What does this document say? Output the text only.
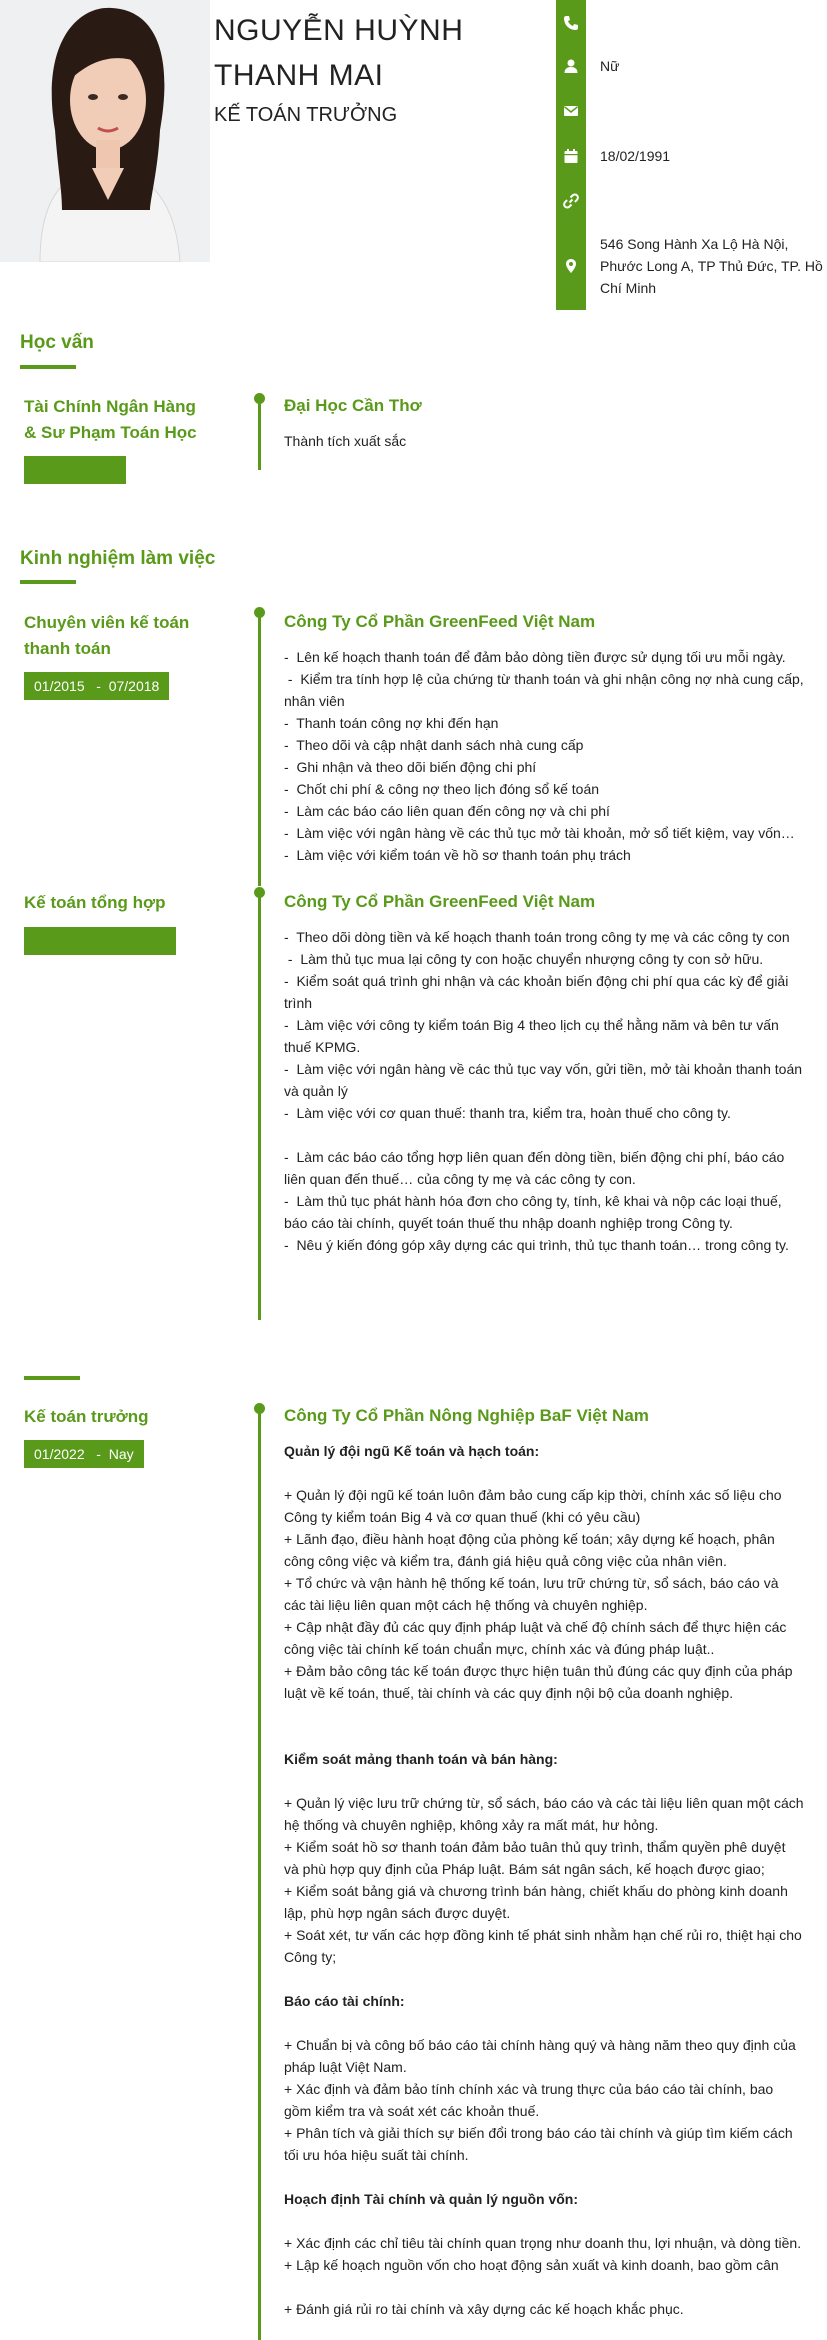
NGUYỄN HUỲNH
THANH MAI
KẾ TOÁN TRƯỞNG
Nữ
18/02/1991
546 Song Hành Xa Lộ Hà Nội, Phước Long A, TP Thủ Đức, TP. Hồ Chí Minh
Học vấn
Tài Chính Ngân Hàng
& Sư Phạm Toán Học
Đại Học Cần Thơ
Thành tích xuất sắc
Kinh nghiệm làm việc
Chuyên viên kế toán thanh toán
01/2015   -  07/2018
Công Ty Cổ Phần GreenFeed Việt Nam
-  Lên kế hoạch thanh toán để đảm bảo dòng tiền được sử dụng tối ưu mỗi ngày.
-  Kiểm tra tính hợp lệ của chứng từ thanh toán và ghi nhận công nợ nhà cung cấp, nhân viên
-  Thanh toán công nợ khi đến hạn
-  Theo dõi và cập nhật danh sách nhà cung cấp
-  Ghi nhận và theo dõi biến động chi phí
-  Chốt chi phí & công nợ theo lịch đóng sổ kế toán
-  Làm các báo cáo liên quan đến công nợ và chi phí
-  Làm việc với ngân hàng về các thủ tục mở tài khoản, mở sổ tiết kiệm, vay vốn…
-  Làm việc với kiểm toán về hồ sơ thanh toán phụ trách
Kế toán tổng hợp	Công Ty Cổ Phần GreenFeed Việt Nam
-  Theo dõi dòng tiền và kế hoạch thanh toán trong công ty mẹ và các công ty con
-  Làm thủ tục mua lại công ty con hoặc chuyển nhượng công ty con sở hữu.
-  Kiểm soát quá trình ghi nhận và các khoản biến động chi phí qua các kỳ để giải trình
-  Làm việc với công ty kiểm toán Big 4 theo lịch cụ thể hằng năm và bên tư vấn thuế KPMG.
-  Làm việc với ngân hàng về các thủ tục vay vốn, gửi tiền, mở tài khoản thanh toán và quản lý
-  Làm việc với cơ quan thuế: thanh tra, kiểm tra, hoàn thuế cho công ty.
-  Làm các báo cáo tổng hợp liên quan đến dòng tiền, biến động chi phí, báo cáo liên quan đến thuế… của công ty mẹ và các công ty con.
-  Làm thủ tục phát hành hóa đơn cho công ty, tính, kê khai và nộp các loại thuế, báo cáo tài chính, quyết toán thuế thu nhập doanh nghiệp trong Công ty.
-  Nêu ý kiến đóng góp xây dựng các qui trình, thủ tục thanh toán… trong công ty.
Kế toán trưởng
01/2022   -  Nay
Công Ty Cổ Phần Nông Nghiệp BaF Việt Nam
Quản lý đội ngũ Kế toán và hạch toán:
+ Quản lý đội ngũ kế toán luôn đảm bảo cung cấp kịp thời, chính xác số liệu cho Công ty kiểm toán Big 4 và cơ quan thuế (khi có yêu cầu)
+ Lãnh đạo, điều hành hoạt động của phòng kế toán; xây dựng kế hoạch, phân công công việc và kiểm tra, đánh giá hiệu quả công việc của nhân viên.
+ Tổ chức và vận hành hệ thống kế toán, lưu trữ chứng từ, sổ sách, báo cáo và các tài liệu liên quan một cách hệ thống và chuyên nghiệp.
+ Cập nhật đầy đủ các quy định pháp luật và chế độ chính sách để thực hiện các công việc tài chính kế toán chuẩn mực, chính xác và đúng pháp luật..
+ Đảm bảo công tác kế toán được thực hiện tuân thủ đúng các quy định của pháp luật về kế toán, thuế, tài chính và các quy định nội bộ của doanh nghiệp.
Kiểm soát mảng thanh toán và bán hàng:
+ Quản lý việc lưu trữ chứng từ, sổ sách, báo cáo và các tài liệu liên quan một cách hệ thống và chuyên nghiệp, không xảy ra mất mát, hư hỏng.
+ Kiểm soát hồ sơ thanh toán đảm bảo tuân thủ quy trình, thẩm quyền phê duyệt và phù hợp quy định của Pháp luật. Bám sát ngân sách, kế hoạch được giao;
+ Kiểm soát bảng giá và chương trình bán hàng, chiết khấu do phòng kinh doanh lập, phù hợp ngân sách được duyệt.
+ Soát xét, tư vấn các hợp đồng kinh tế phát sinh nhằm hạn chế rủi ro, thiệt hại cho Công ty;
Báo cáo tài chính:
+ Chuẩn bị và công bố báo cáo tài chính hàng quý và hàng năm theo quy định của pháp luật Việt Nam.
+ Xác định và đảm bảo tính chính xác và trung thực của báo cáo tài chính, bao gồm kiểm tra và soát xét các khoản thuế.
+ Phân tích và giải thích sự biến đổi trong báo cáo tài chính và giúp tìm kiếm cách tối ưu hóa hiệu suất tài chính.
Hoạch định Tài chính và quản lý nguồn vốn:
+ Xác định các chỉ tiêu tài chính quan trọng như doanh thu, lợi nhuận, và dòng tiền.
+ Lập kế hoạch nguồn vốn cho hoạt động sản xuất và kinh doanh, bao gồm cân
+ Đánh giá rủi ro tài chính và xây dựng các kế hoạch khắc phục.
